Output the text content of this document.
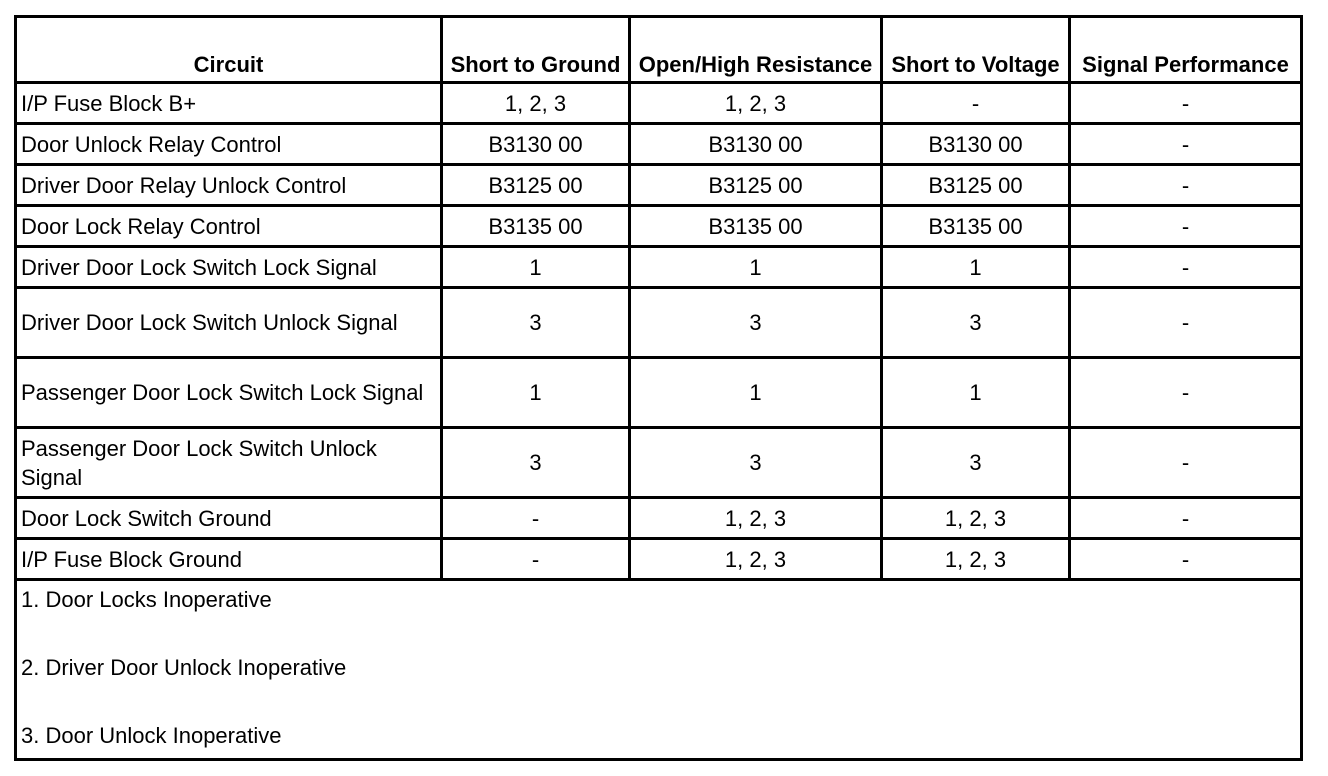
Circuit	Short to Ground	Open/High Resistance	Short to Voltage	Signal Performance
I/P Fuse Block B+	1, 2, 3	1, 2, 3	-	-
Door Unlock Relay Control	B3130 00	B3130 00	B3130 00	-
Driver Door Relay Unlock Control	B3125 00	B3125 00	B3125 00	-
Door Lock Relay Control	B3135 00	B3135 00	B3135 00	-
Driver Door Lock Switch Lock Signal	1	1	1	-
Driver Door Lock Switch Unlock Signal	3	3	3	-
Passenger Door Lock Switch Lock Signal	1	1	1	-
Passenger Door Lock Switch Unlock Signal	3	3	3	-
Door Lock Switch Ground	-	1, 2, 3	1, 2, 3	-
I/P Fuse Block Ground	-	1, 2, 3	1, 2, 3	-

1. Door Locks Inoperative
2. Driver Door Unlock Inoperative
3. Door Unlock Inoperative				
